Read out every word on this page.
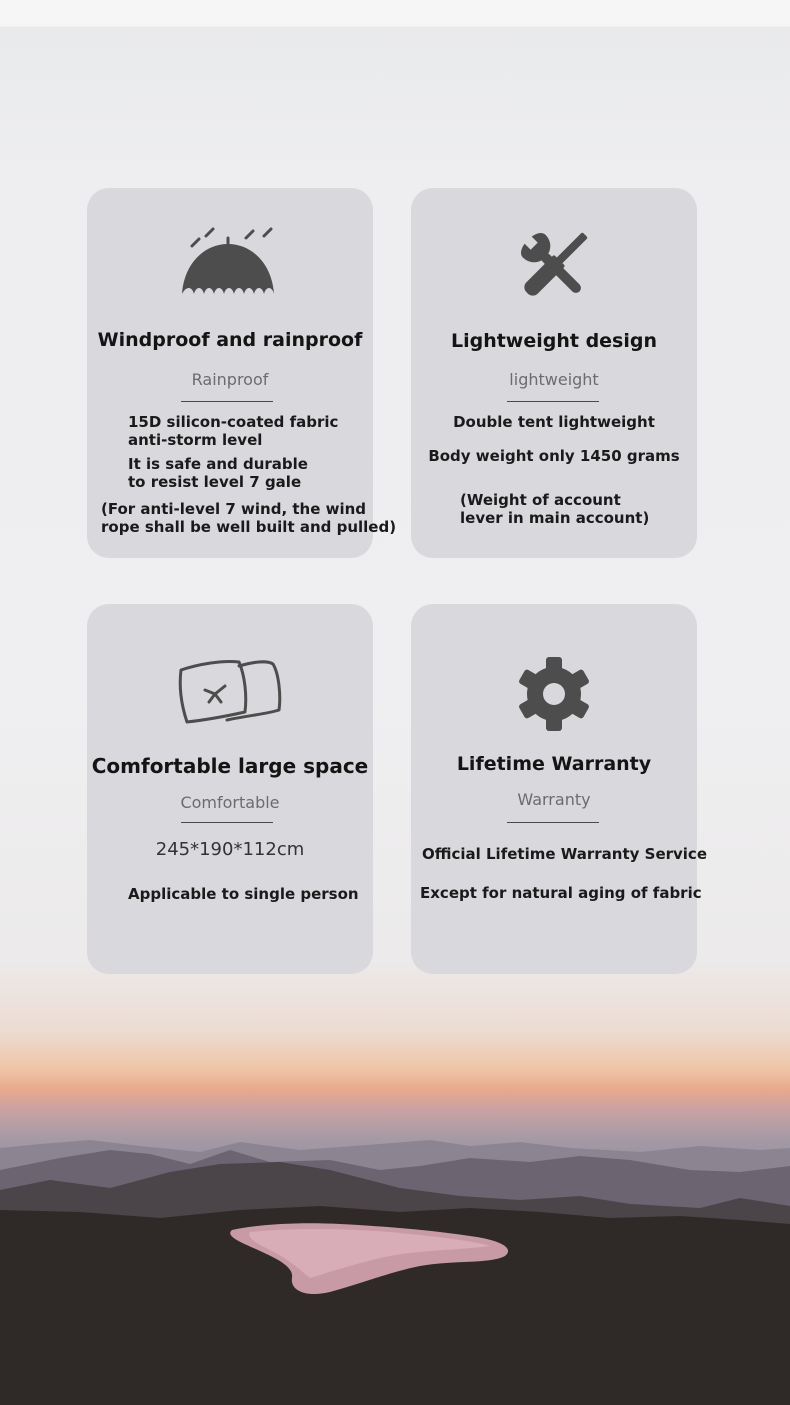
Windproof and rainproof
Rainproof
15D silicon-coated fabric
anti-storm level
It is safe and durable
to resist level 7 gale
(For anti-level 7 wind, the wind
rope shall be well built and pulled)
Lightweight design
lightweight
Double tent lightweight
Body weight only 1450 grams
(Weight of account
lever in main account)
Comfortable large space
Comfortable
245*190*112cm
Applicable to single person
Lifetime Warranty
Warranty
Official Lifetime Warranty Service
Except for natural aging of fabric
